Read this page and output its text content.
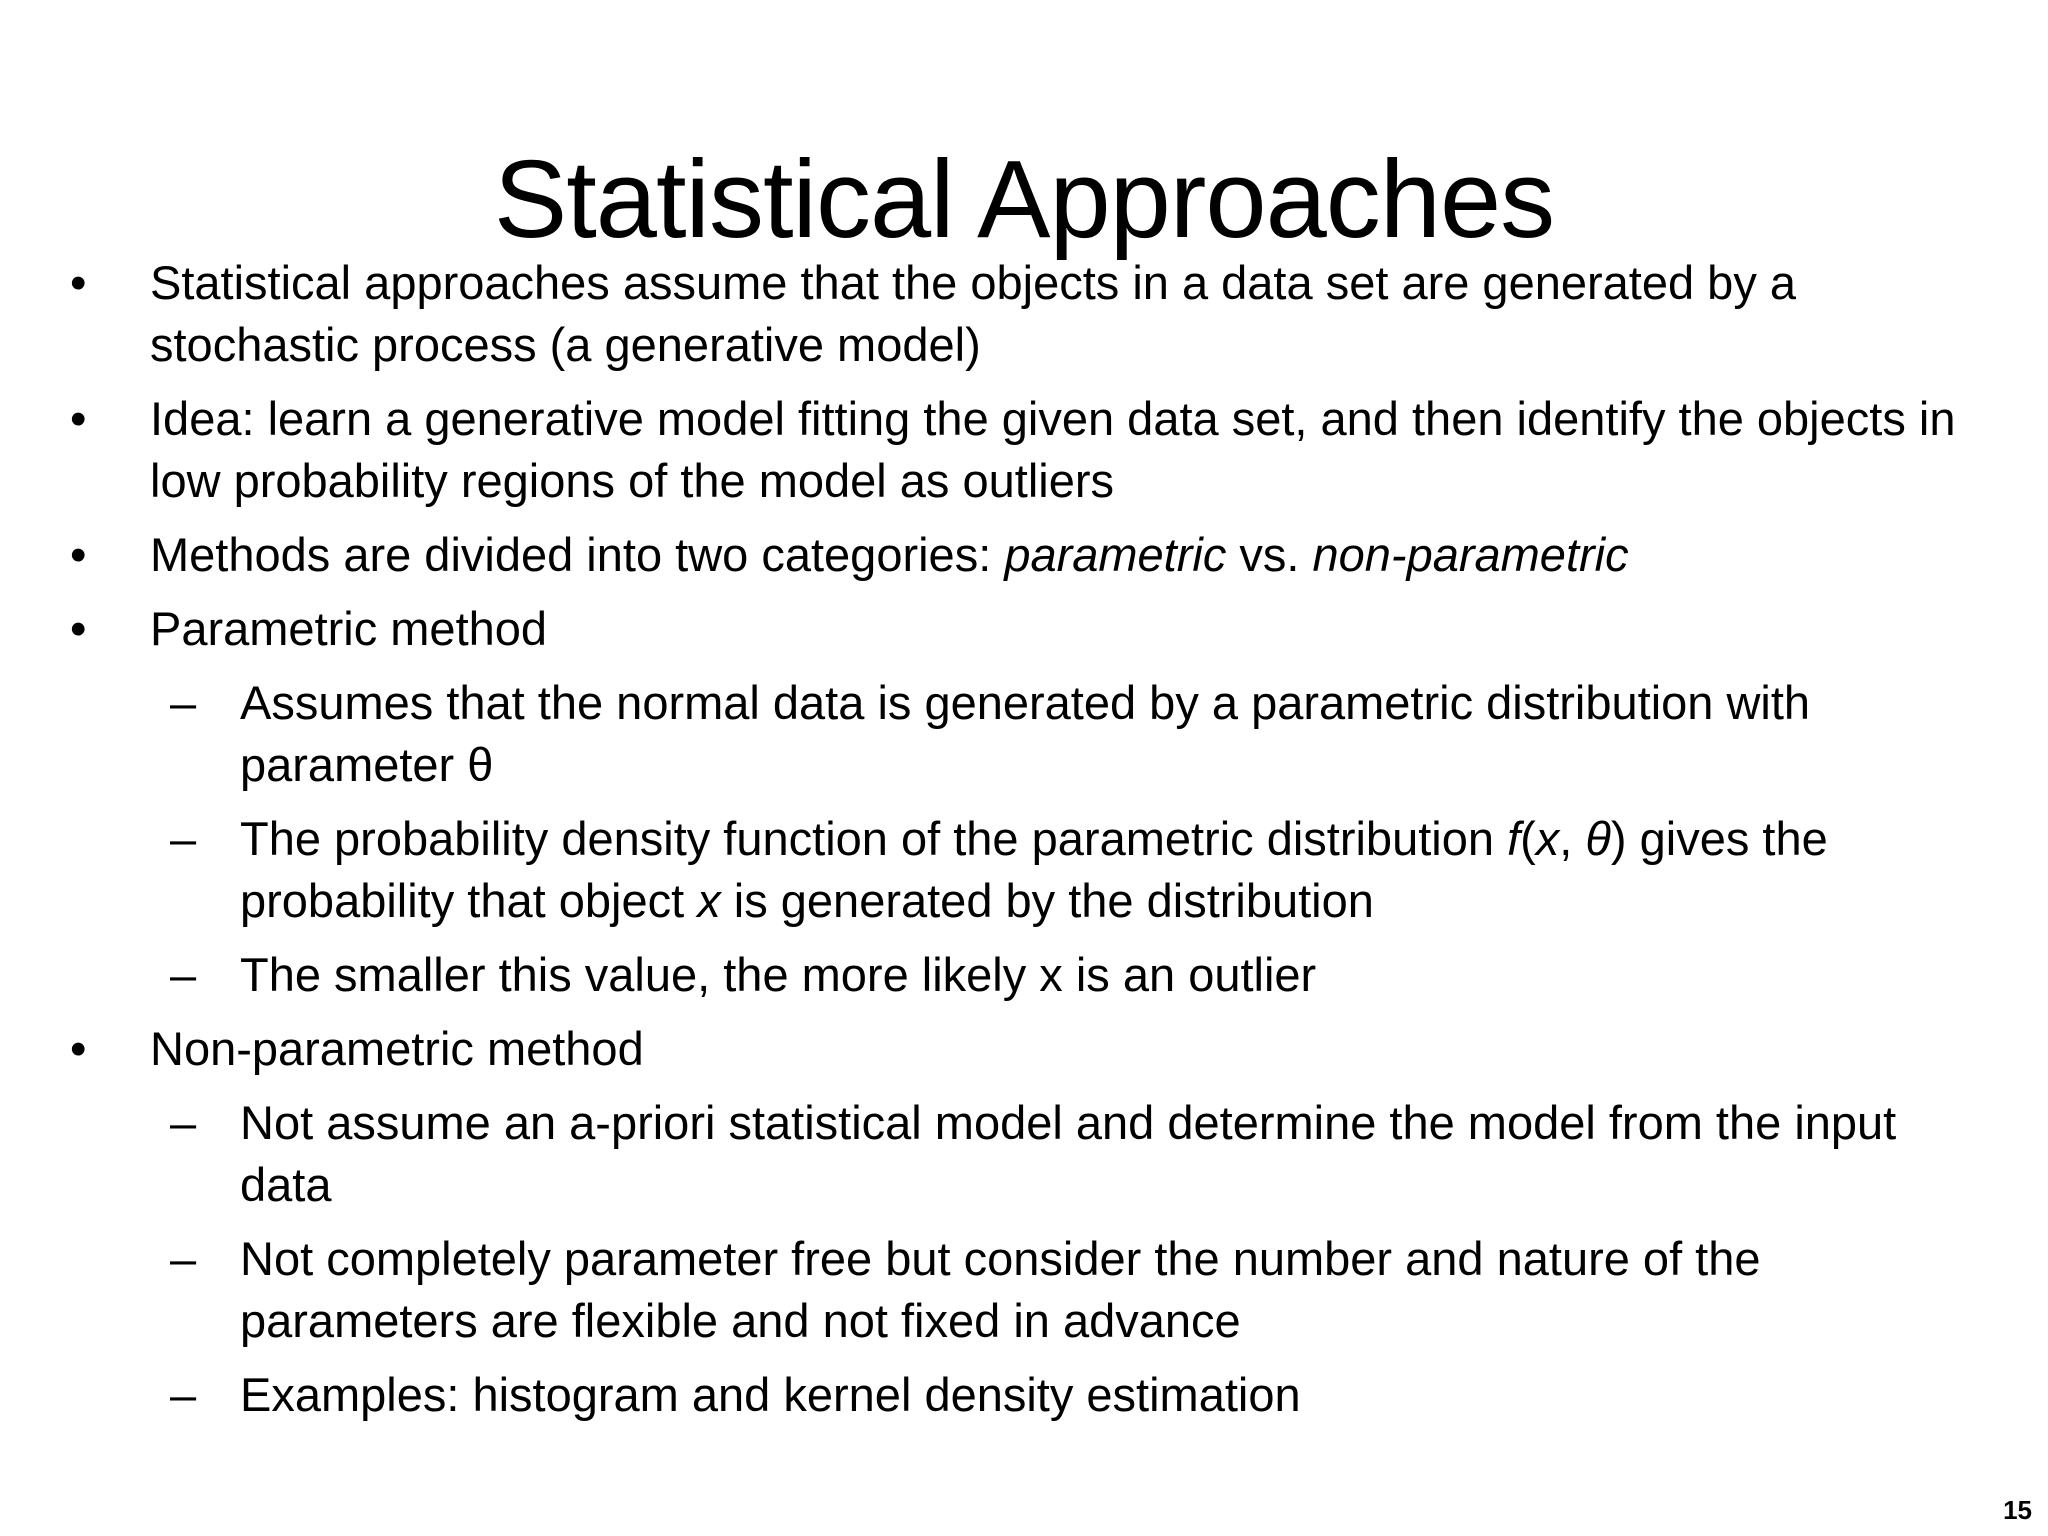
Statistical Approaches
• Statistical approaches assume that the objects in a data set are generated by a stochastic process (a generative model)
• Idea: learn a generative model fitting the given data set, and then identify the objects in low probability regions of the model as outliers
• Methods are divided into two categories: parametric vs. non-parametric
• Parametric method
– Assumes that the normal data is generated by a parametric distribution with parameter θ
– The probability density function of the parametric distribution f(x, θ) gives the probability that object x is generated by the distribution
– The smaller this value, the more likely x is an outlier
• Non-parametric method
– Not assume an a-priori statistical model and determine the model from the input data
– Not completely parameter free but consider the number and nature of the parameters are flexible and not fixed in advance
– Examples: histogram and kernel density estimation
15
